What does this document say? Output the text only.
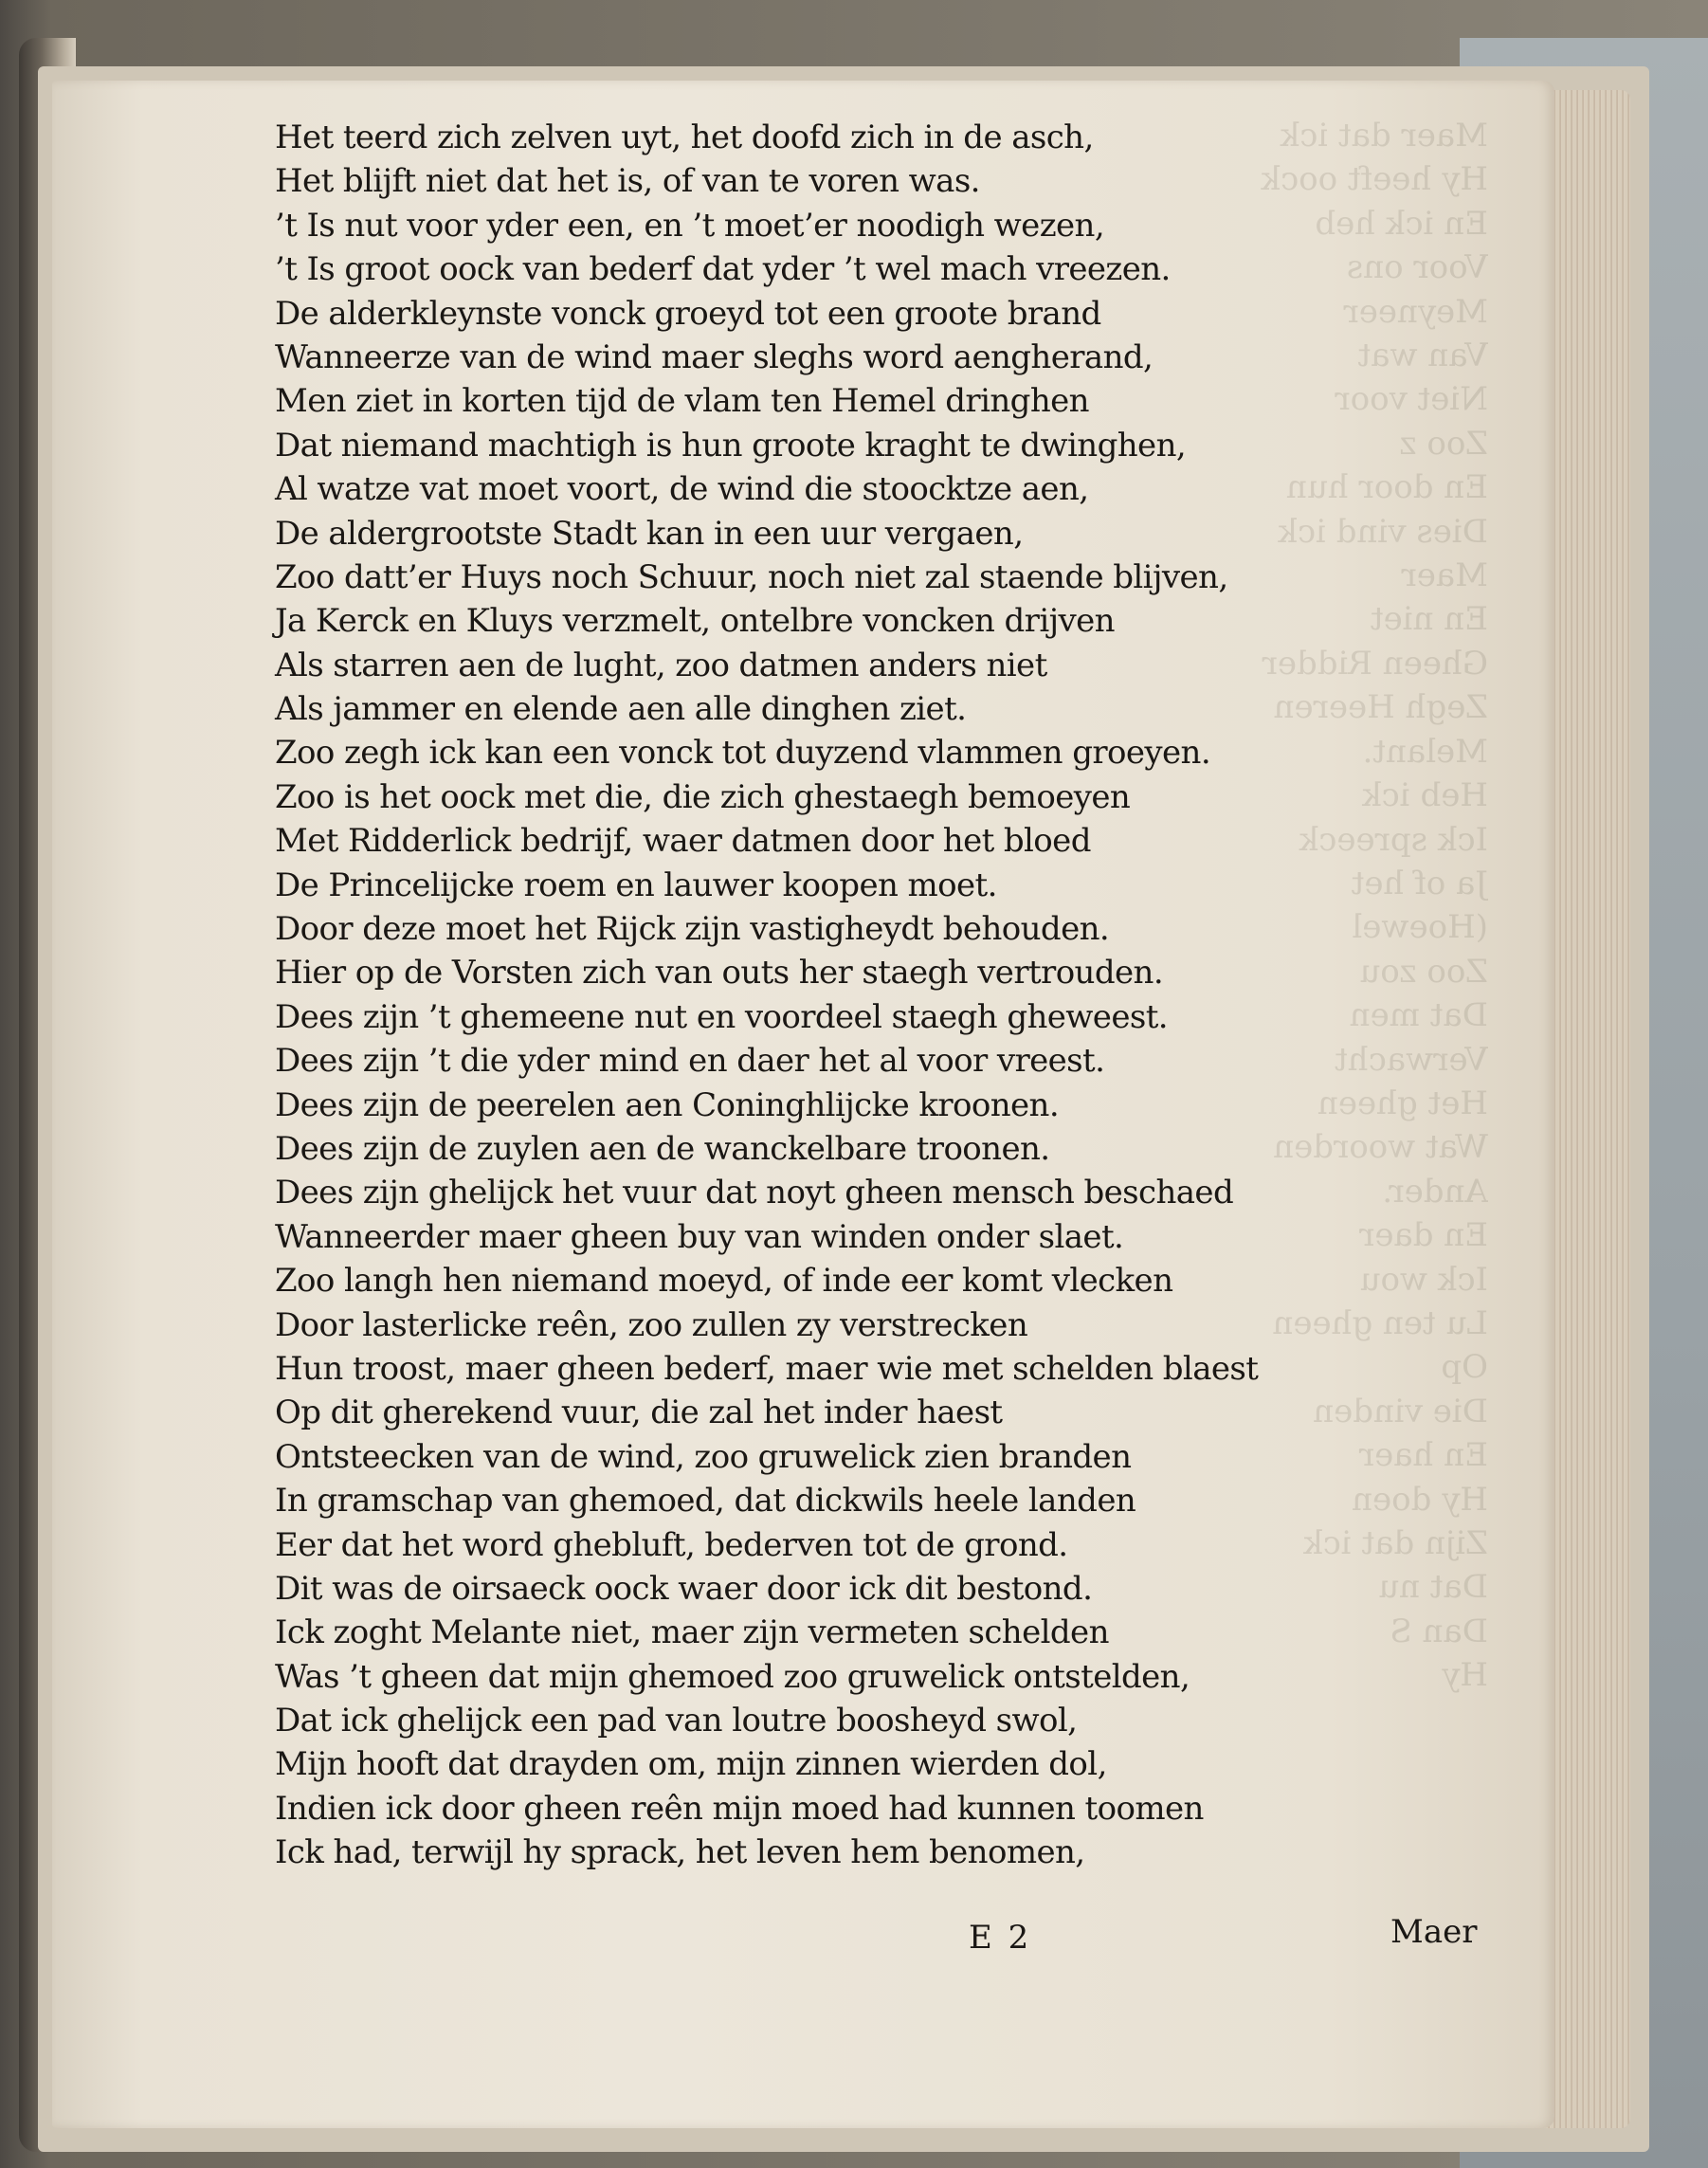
Maer dat ick
Hy heeft oock
En ick heb
Voor ons
Meyneer
Van wat
Niet voor
Zoo z
En door hun
Dies vind ick
Maer
En niet
Gheen Ridder
Zegh Heeren
Melant.
Heb ick
Ick spreeck
Ja of het
(Hoewel
Zoo zou
Dat men
Verwacht
Het gheen
Wat woorden
Ander.
En daer
Ick wou
Lu ten gheen
Op
Die vinden
En haer
Hy doen
Zijn dat ick
Dat nu
Dan S
Hy
Het teerd zich zelven uyt, het doofd zich in de asch,
Het blijft niet dat het is, of van te voren was.
’t Is nut voor yder een, en ’t moet’er noodigh wezen,
’t Is groot oock van bederf dat yder ’t wel mach vreezen.
De alderkleynste vonck groeyd tot een groote brand
Wanneerze van de wind maer sleghs word aengherand,
Men ziet in korten tijd de vlam ten Hemel dringhen
Dat niemand machtigh is hun groote kraght te dwinghen,
Al watze vat moet voort, de wind die stoocktze aen,
De aldergrootste Stadt kan in een uur vergaen,
Zoo datt’er Huys noch Schuur, noch niet zal staende blijven,
Ja Kerck en Kluys verzmelt, ontelbre voncken drijven
Als starren aen de lught, zoo datmen anders niet
Als jammer en elende aen alle dinghen ziet.
Zoo zegh ick kan een vonck tot duyzend vlammen groeyen.
Zoo is het oock met die, die zich ghestaegh bemoeyen
Met Ridderlick bedrijf, waer datmen door het bloed
De Princelijcke roem en lauwer koopen moet.
Door deze moet het Rijck zijn vastigheydt behouden.
Hier op de Vorsten zich van outs her staegh vertrouden.
Dees zijn ’t ghemeene nut en voordeel staegh gheweest.
Dees zijn ’t die yder mind en daer het al voor vreest.
Dees zijn de peerelen aen Coninghlijcke kroonen.
Dees zijn de zuylen aen de wanckelbare troonen.
Dees zijn ghelijck het vuur dat noyt gheen mensch beschaed
Wanneerder maer gheen buy van winden onder slaet.
Zoo langh hen niemand moeyd, of inde eer komt vlecken
Door lasterlicke reên, zoo zullen zy verstrecken
Hun troost, maer gheen bederf, maer wie met schelden blaest
Op dit gherekend vuur, die zal het inder haest
Ontsteecken van de wind, zoo gruwelick zien branden
In gramschap van ghemoed, dat dickwils heele landen
Eer dat het word ghebluft, bederven tot de grond.
Dit was de oirsaeck oock waer door ick dit bestond.
Ick zoght Melante niet, maer zijn vermeten schelden
Was ’t gheen dat mijn ghemoed zoo gruwelick ontstelden,
Dat ick ghelijck een pad van loutre boosheyd swol,
Mijn hooft dat drayden om, mijn zinnen wierden dol,
Indien ick door gheen reên mijn moed had kunnen toomen
Ick had, terwijl hy sprack, het leven hem benomen,
E 2	Maer
